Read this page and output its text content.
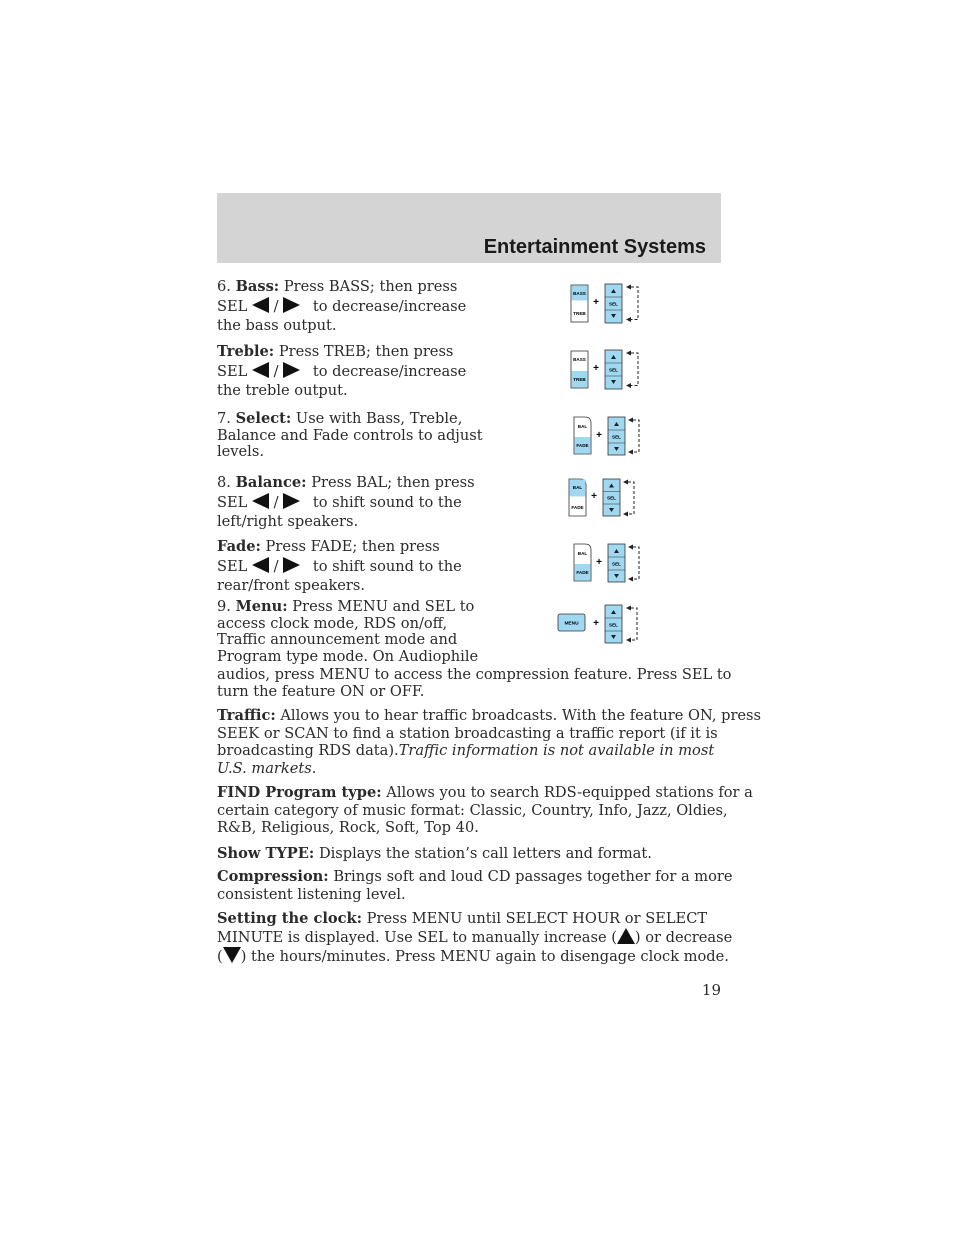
Entertainment Systems
6. Bass: Press BASS; then press
SEL / to decrease/increase
the bass output.
Treble: Press TREB; then press
SEL / to decrease/increase
the treble output.
7. Select: Use with Bass, Treble,
Balance and Fade controls to adjust
levels.
8. Balance: Press BAL; then press
SEL / to shift sound to the
left/right speakers.
Fade: Press FADE; then press
SEL / to shift sound to the
rear/front speakers.
9. Menu: Press MENU and SEL to
access clock mode, RDS on/off,
Traffic announcement mode and
Program type mode. On Audiophile
audios, press MENU to access the compression feature. Press SEL to
turn the feature ON or OFF.
Traffic: Allows you to hear traffic broadcasts. With the feature ON, press
SEEK or SCAN to find a station broadcasting a traffic report (if it is
broadcasting RDS data).Traffic information is not available in most
U.S. markets.
FIND Program type: Allows you to search RDS-equipped stations for a
certain category of music format: Classic, Country, Info, Jazz, Oldies,
R&B, Religious, Rock, Soft, Top 40.
Show TYPE: Displays the station’s call letters and format.
Compression: Brings soft and loud CD passages together for a more
consistent listening level.
Setting the clock: Press MENU until SELECT HOUR or SELECT
MINUTE is displayed. Use SEL to manually increase ( ) or decrease
( ) the hours/minutes. Press MENU again to disengage clock mode.
19
BASS
TREB
+ SEL
BASS
TREB
+ SEL
BAL
FADE
+ SEL
BAL
FADE
+ SEL
BAL
FADE
+ SEL
MENU + SEL
